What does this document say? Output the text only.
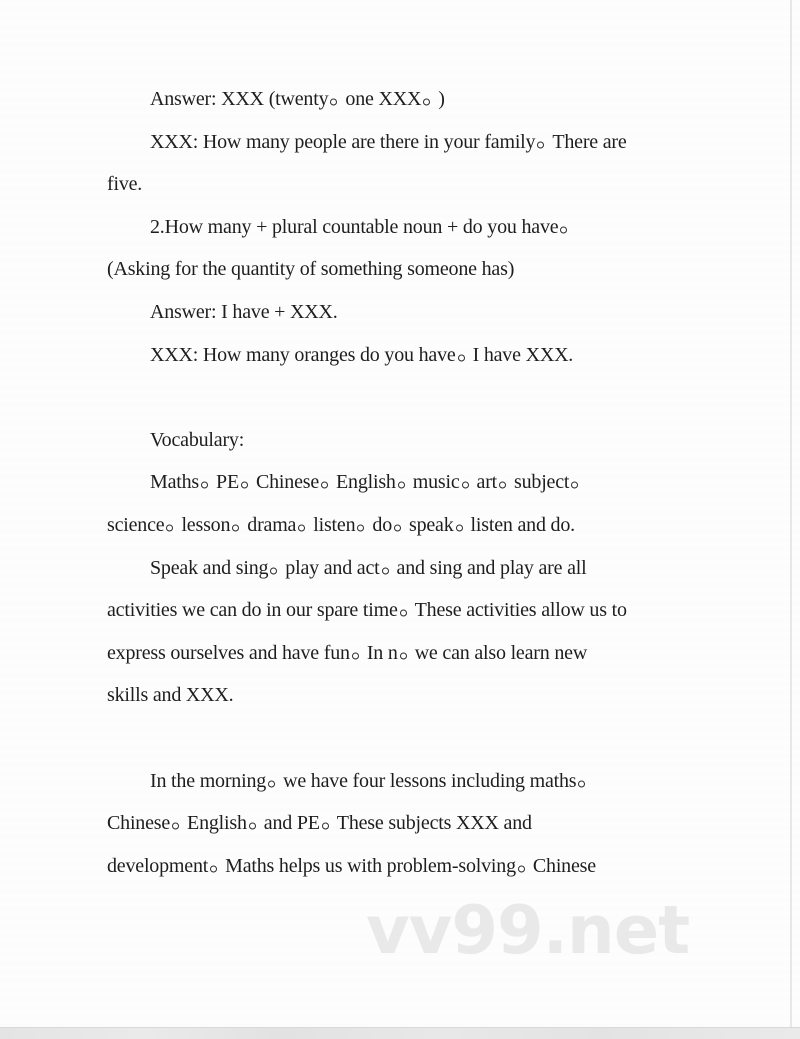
Answer: XXX (twenty one XXX )
XXX: How many people are there in your family There are
five.
2.How many + plural countable noun + do you have
(Asking for the quantity of something someone has)
Answer: I have + XXX.
XXX: How many oranges do you have I have XXX.
Vocabulary:
Maths PE Chinese English music art subject
science lesson drama listen do speak listen and do.
Speak and sing play and act and sing and play are all
activities we can do in our spare time These activities allow us to
express ourselves and have fun In n we can also learn new
skills and XXX.
In the morning we have four lessons including maths
Chinese English and PE These subjects XXX and
development Maths helps us with problem-solving Chinese
vv99.net
